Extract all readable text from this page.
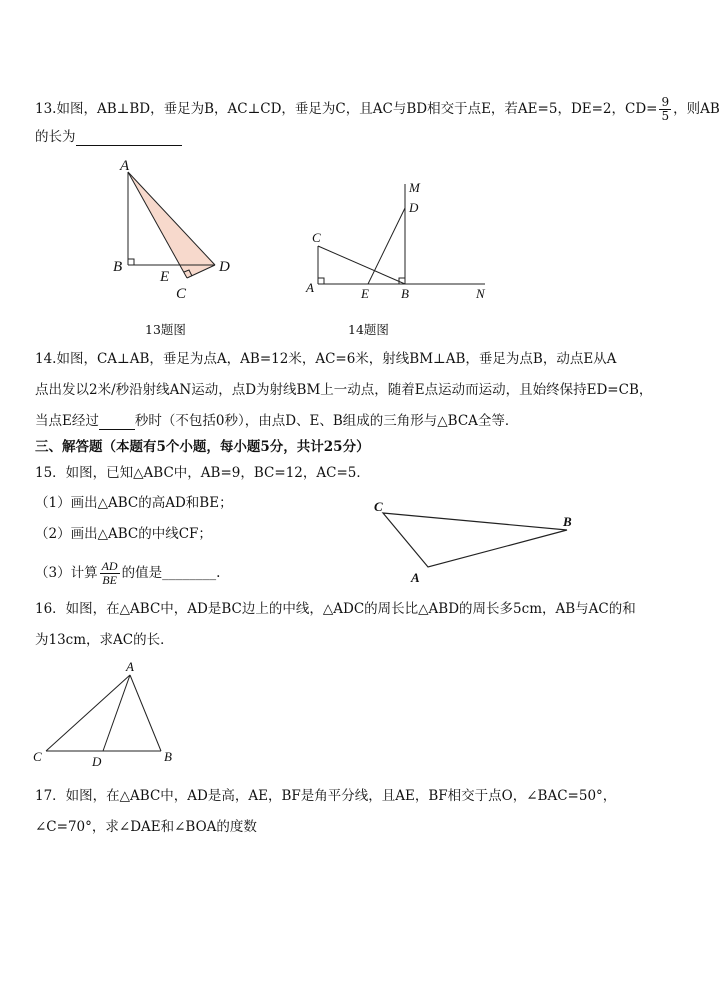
13.如图，AB⊥BD，垂足为B，AC⊥CD，垂足为C，且AC与BD相交于点E，若AE=5，DE=2，$CD= \frac{9}{5}$ ，则AB
的长为
A
B
E
C
D
M
D
C
A	E B	N
C
B
A
A
C	D	B
13题图	14题图
14.如图，CA⊥AB，垂足为点A，AB=12米，AC=6米，射线BM⊥AB，垂足为点B，动点E从A
点出发以2米/秒沿射线AN运动，点D为射线BM上一动点，随着E点运动而运动，且始终保持ED=CB，
当点E经过	秒时（不包括0秒），由点D、E、B组成的三角形与△BCA全等．
三、解答题（本题有5个小题，每小题5分，共计25分）
15．如图，已知△ABC中，AB=9，BC=12，AC=5．
（1）画出△ABC的高AD和BE；
（2）画出△ABC的中线CF；
（3）计算 $\frac{AD}{BE}$ 的值是________.
16．如图，在△ABC中，AD是BC边上的中线，△ADC的周长比△ABD的周长多5cm，AB与AC的和
为13cm，求AC的长．
17．如图，在△ABC中，AD是高，AE，BF是角平分线，且AE，BF相交于点O，∠BAC=50°，
∠C=70°，求∠DAE和∠BOA的度数
